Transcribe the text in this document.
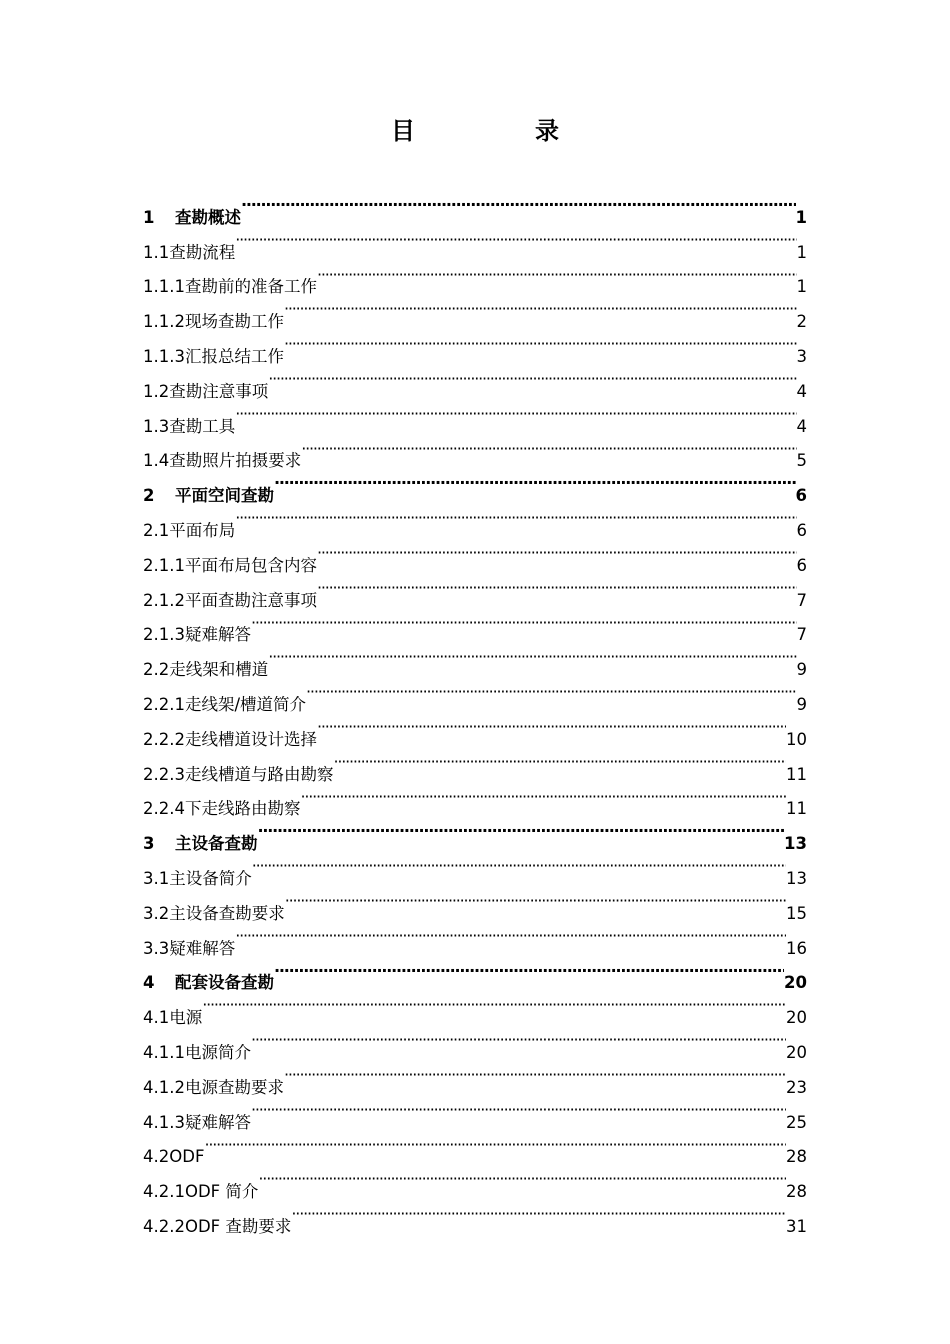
目　录
1	查勘概述 ·····	1
1.1 查勘流程 ·····	1
1.1.1 查勘前的准备工作 ·····	1
1.1.2 现场查勘工作 ·····	2
1.1.3 汇报总结工作 ·····	3
1.2 查勘注意事项 ·····	4
1.3 查勘工具 ·····	4
1.4 查勘照片拍摄要求 ·····	5
2	平面空间查勘 ·····	6
2.1 平面布局 ·····	6
2.1.1 平面布局包含内容 ·····	6
2.1.2 平面查勘注意事项 ·····	7
2.1.3 疑难解答 ·····	7
2.2 走线架和槽道 ·····	9
2.2.1 走线架/槽道简介 ·····	9
2.2.2 走线槽道设计选择 ·····	10
2.2.3 走线槽道与路由勘察 ·····	11
2.2.4 下走线路由勘察 ·····	11
3	主设备查勘 ·····	13
3.1 主设备简介 ·····	13
3.2 主设备查勘要求 ·····	15
3.3 疑难解答 ·····	16
4	配套设备查勘 ·····	20
4.1 电源 ·····	20
4.1.1 电源简介 ·····	20
4.1.2 电源查勘要求 ·····	23
4.1.3 疑难解答 ·····	25
4.2 ODF ·····	28
4.2.1 ODF 简介 ·····	28
4.2.2 ODF 查勘要求 ·····	31
